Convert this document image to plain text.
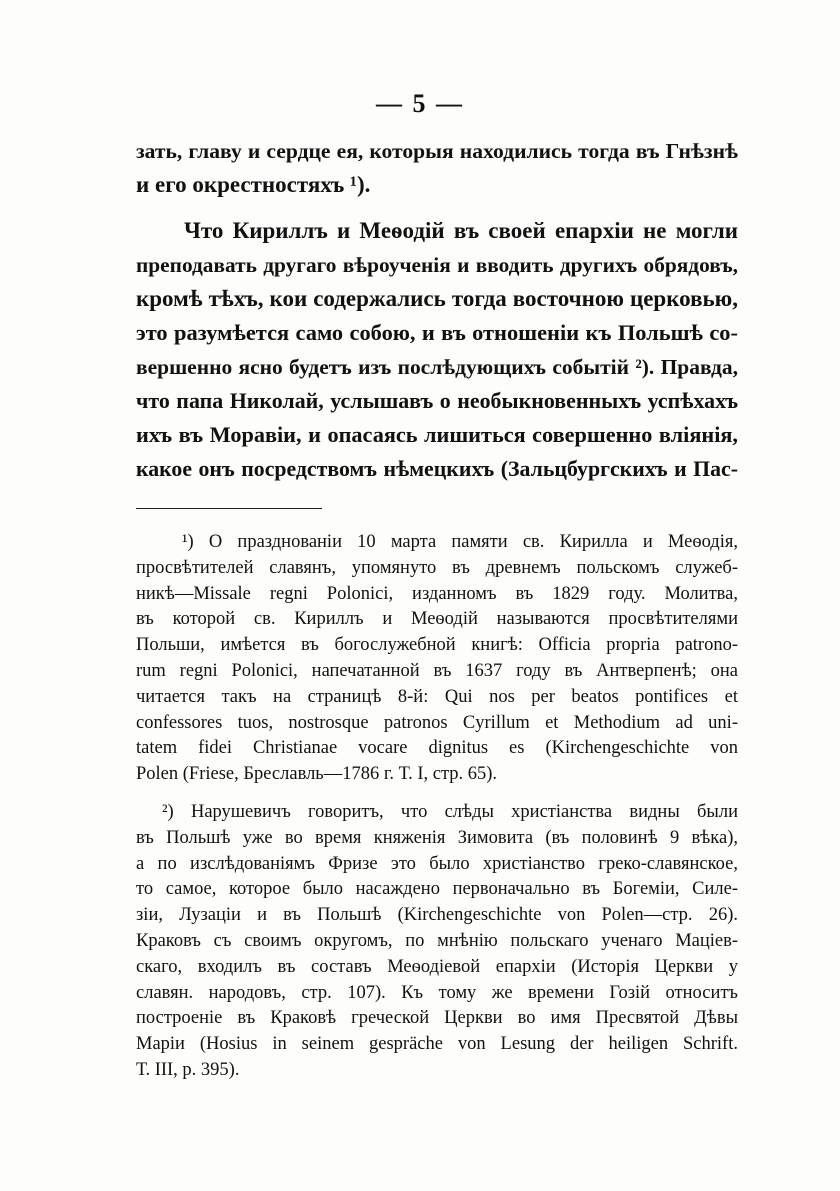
— 5 —
зать, главу и сердце ея, которыя находились тогда въ Гнѣзнѣ
и его окрестностяхъ ¹).
Что Кириллъ и Меѳодій въ своей епархіи не могли
преподавать другаго вѣроученія и вводить другихъ обрядовъ,
кромѣ тѣхъ, кои содержались тогда восточною церковью,
это разумѣется само собою, и въ отношеніи къ Польшѣ со-
вершенно ясно будетъ изъ послѣдующихъ событій ²). Правда,
что папа Николай, услышавъ о необыкновенныхъ успѣхахъ
ихъ въ Моравіи, и опасаясь лишиться совершенно вліянія,
какое онъ посредствомъ нѣмецкихъ (Зальцбургскихъ и Пас-
¹) О празднованіи 10 марта памяти св. Кирилла и Меѳодія,
просвѣтителей славянъ, упомянуто въ древнемъ польскомъ служеб-
никѣ—Missale regni Polonici, изданномъ въ 1829 году. Молитва,
въ которой св. Кириллъ и Меѳодій называются просвѣтителями
Польши, имѣется въ богослужебной книгѣ: Officia propria patrono-
rum regni Polonici, напечатанной въ 1637 году въ Антверпенѣ; она
читается такъ на страницѣ 8-й: Qui nos per beatos pontifices et
confessores tuos, nostrosque patronos Cyrillum et Methodium ad uni-
tatem fidei Christianae vocare dignitus es (Kirchengeschichte von
Polen (Friese, Бреславль—1786 г. Т. I, стр. 65).
²) Нарушевичъ говоритъ, что слѣды христіанства видны были
въ Польшѣ уже во время княженія Зимовита (въ половинѣ 9 вѣка),
а по изслѣдованіямъ Фризе это было христіанство греко-славянское,
то самое, которое было насаждено первоначально въ Богеміи, Силе-
зіи, Лузаціи и въ Польшѣ (Kirchengeschichte von Polen—стр. 26).
Краковъ съ своимъ округомъ, по мнѣнію польскаго ученаго Маціев-
скаго, входилъ въ составъ Меѳодіевой епархіи (Исторія Церкви у
славян. народовъ, стр. 107). Къ тому же времени Гозій относитъ
построеніе въ Краковѣ греческой Церкви во имя Пресвятой Дѣвы
Маріи (Hosius in seinem gespräche von Lesung der heiligen Schrift.
Т. III, р. 395).
